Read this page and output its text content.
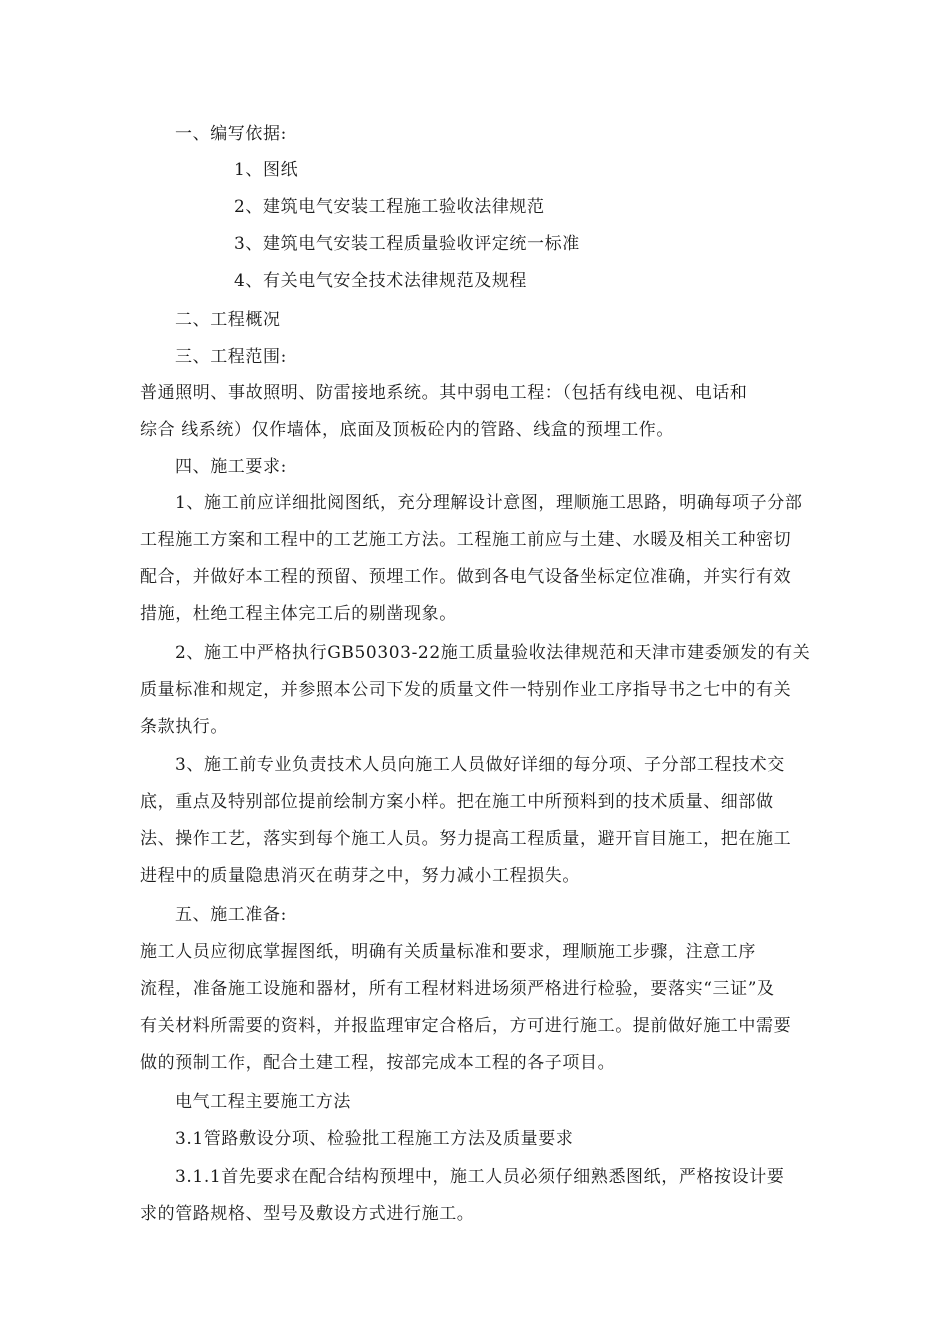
一、编写依据:
1、图纸
2、建筑电气安装工程施工验收法律规范
3、建筑电气安装工程质量验收评定统一标准
4、有关电气安全技术法律规范及规程
二、工程概况
三、工程范围:
普通照明、事故照明、防雷接地系统。其中弱电工程：（包括有线电视、电话和
综合 线系统）仅作墙体，底面及顶板砼内的管路、线盒的预埋工作。
四、施工要求:
1、施工前应详细批阅图纸，充分理解设计意图，理顺施工思路，明确每项子分部
工程施工方案和工程中的工艺施工方法。工程施工前应与土建、水暖及相关工种密切
配合，并做好本工程的预留、预埋工作。做到各电气设备坐标定位准确，并实行有效
措施，杜绝工程主体完工后的剔凿现象。
2、施工中严格执行GB50303-22施工质量验收法律规范和天津市建委颁发的有关
质量标准和规定，并参照本公司下发的质量文件一特别作业工序指导书之七中的有关
条款执行。
3、施工前专业负责技术人员向施工人员做好详细的每分项、子分部工程技术交
底，重点及特别部位提前绘制方案小样。把在施工中所预料到的技术质量、细部做
法、操作工艺，落实到每个施工人员。努力提高工程质量，避开盲目施工，把在施工
进程中的质量隐患消灭在萌芽之中，努力减小工程损失。
五、施工准备:
施工人员应彻底掌握图纸，明确有关质量标准和要求，理顺施工步骤，注意工序
流程，准备施工设施和器材，所有工程材料进场须严格进行检验，要落实“三证”及
有关材料所需要的资料，并报监理审定合格后，方可进行施工。提前做好施工中需要
做的预制工作，配合土建工程，按部完成本工程的各子项目。
电气工程主要施工方法
3.1管路敷设分项、检验批工程施工方法及质量要求
3.1.1首先要求在配合结构预埋中，施工人员必须仔细熟悉图纸，严格按设计要
求的管路规格、型号及敷设方式进行施工。
